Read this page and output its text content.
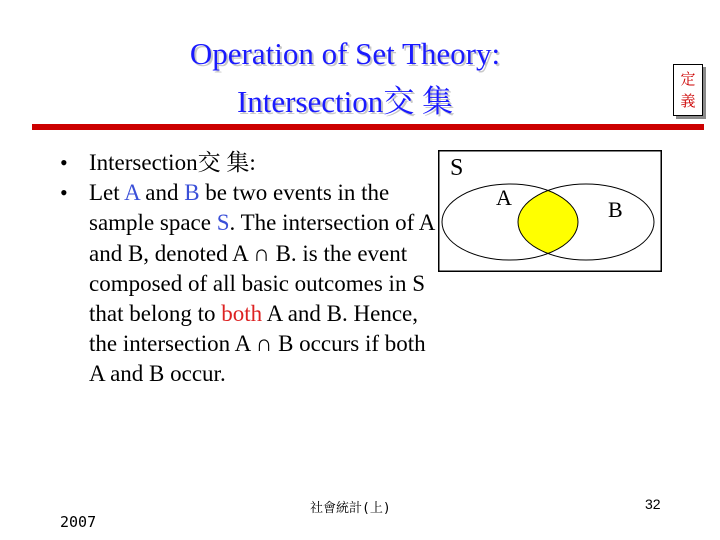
Operation of Set Theory:
Intersection交 集
定
義
• Intersection交 集:
• Let A and B be two events in the sample space S. The intersection of A and B, denoted A ∩ B. is the event composed of all basic outcomes in S that belong to both A and B. Hence, the intersection A ∩ B occurs if both A and B occur.
S
A	B
社會統計(上)
2007
32
